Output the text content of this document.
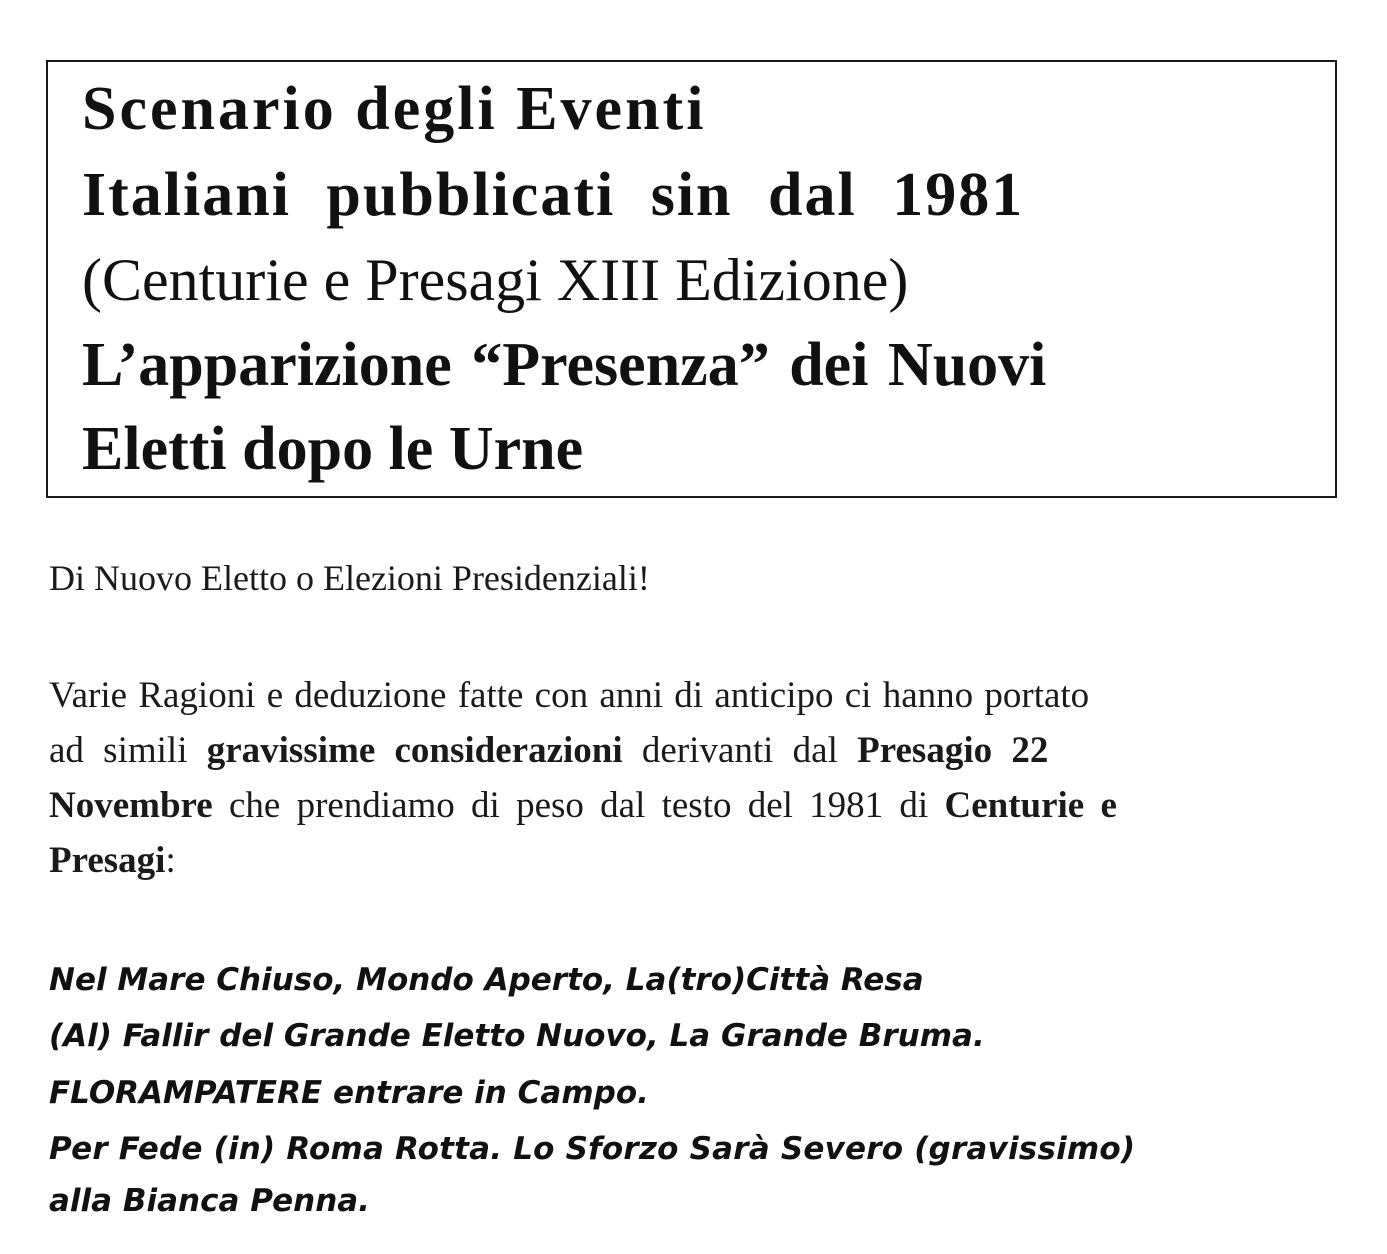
Scenario degli Eventi
Italiani pubblicati sin dal 1981
(Centurie e Presagi XIII Edizione)
L’apparizione “Presenza” dei Nuovi
Eletti dopo le Urne
Di Nuovo Eletto o Elezioni Presidenziali!
Varie Ragioni e deduzione fatte con anni di anticipo ci hanno portato
ad simili gravissime considerazioni derivanti dal Presagio 22
Novembre che prendiamo di peso dal testo del 1981 di Centurie e
Presagi:
Nel Mare Chiuso, Mondo Aperto, La(tro)Città Resa
(Al) Fallir del Grande Eletto Nuovo, La Grande Bruma.
FLORAMPATERE entrare in Campo.
Per Fede (in) Roma Rotta. Lo Sforzo Sarà Severo (gravissimo)
alla Bianca Penna.
